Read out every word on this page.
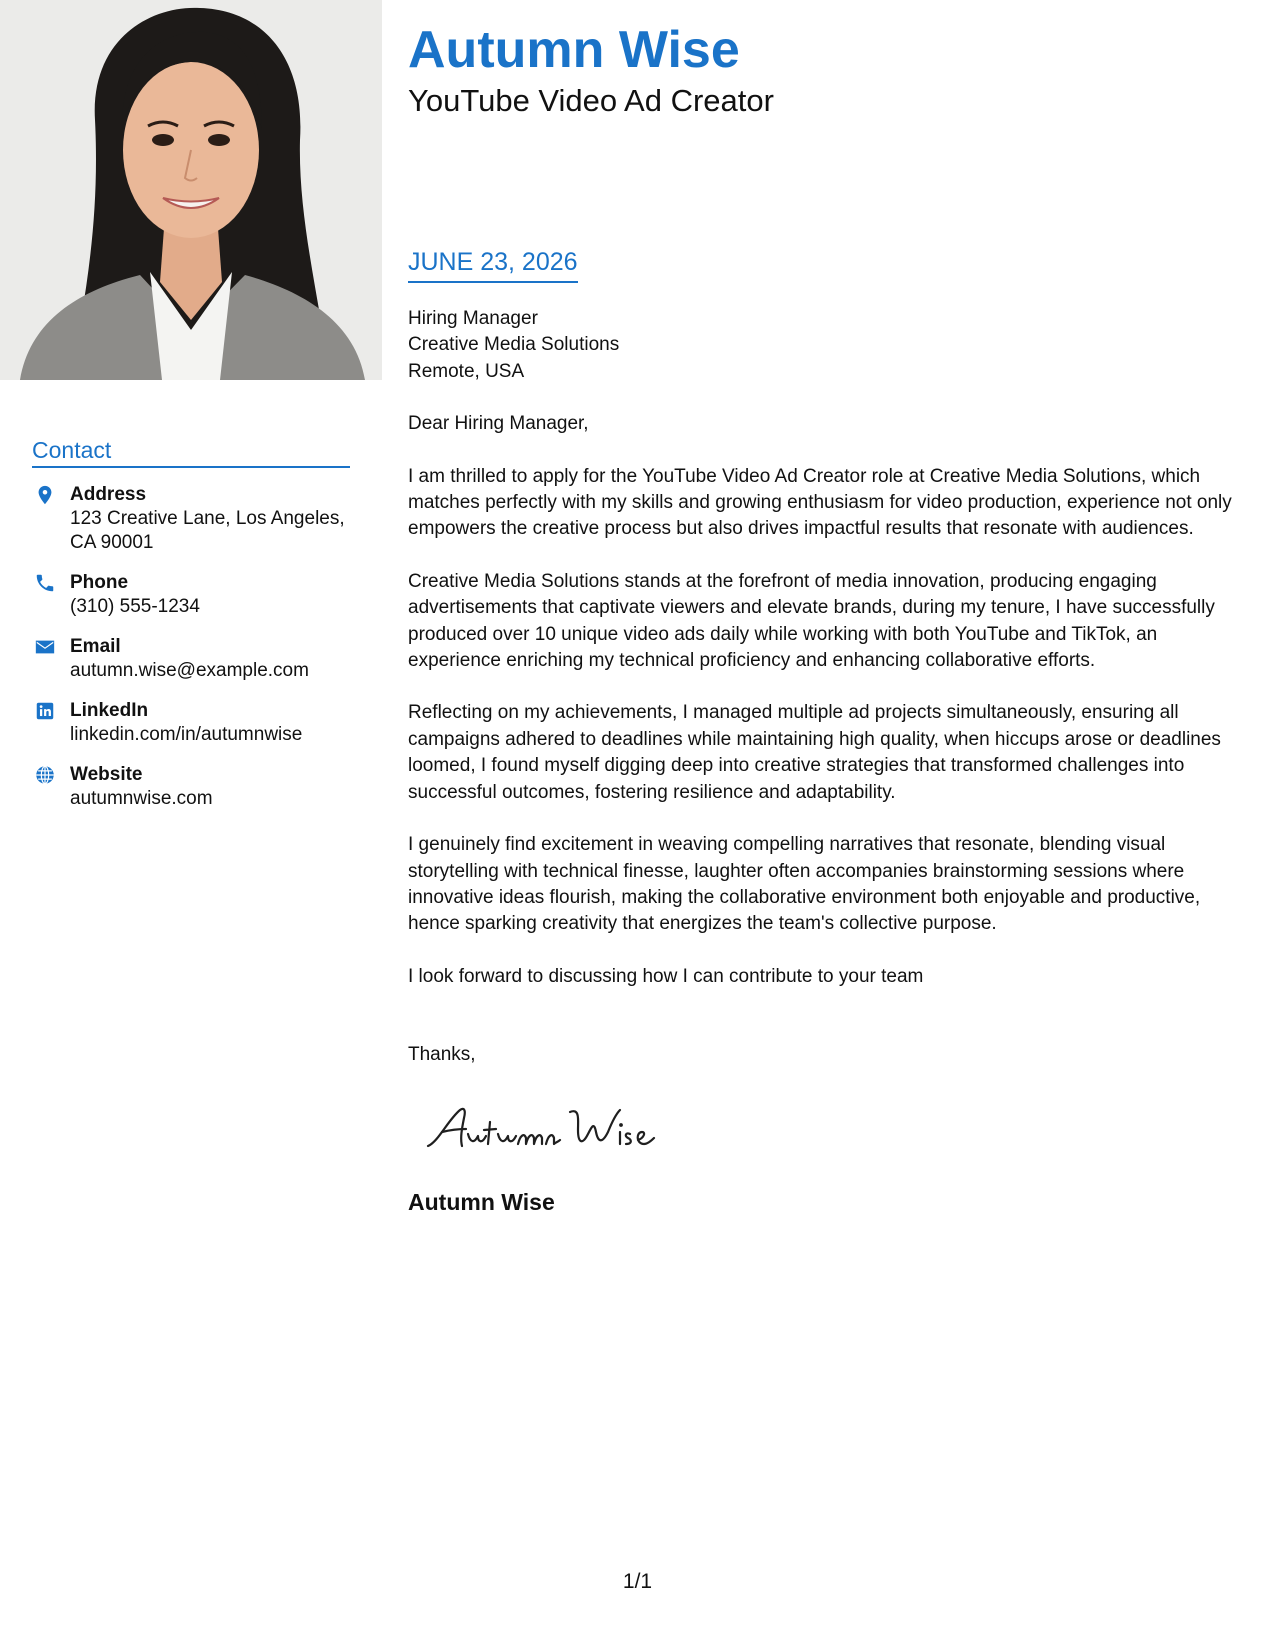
Autumn Wise
YouTube Video Ad Creator
Contact
Address
123 Creative Lane, Los Angeles,
CA 90001
Phone
(310) 555-1234
Email
autumn.wise@example.com
LinkedIn
linkedin.com/in/autumnwise
Website
autumnwise.com
JUNE 23, 2026

Hiring Manager
Creative Media Solutions
Remote, USA

Dear Hiring Manager,

I am thrilled to apply for the YouTube Video Ad Creator role at Creative Media Solutions, which matches perfectly with my skills and growing enthusiasm for video production, experience not only empowers the creative process but also drives impactful results that resonate with audiences.

Creative Media Solutions stands at the forefront of media innovation, producing engaging advertisements that captivate viewers and elevate brands, during my tenure, I have successfully produced over 10 unique video ads daily while working with both YouTube and TikTok, an experience enriching my technical proficiency and enhancing collaborative efforts.

Reflecting on my achievements, I managed multiple ad projects simultaneously, ensuring all campaigns adhered to deadlines while maintaining high quality, when hiccups arose or deadlines loomed, I found myself digging deep into creative strategies that transformed challenges into successful outcomes, fostering resilience and adaptability.

I genuinely find excitement in weaving compelling narratives that resonate, blending visual storytelling with technical finesse, laughter often accompanies brainstorming sessions where innovative ideas flourish, making the collaborative environment both enjoyable and productive, hence sparking creativity that energizes the team's collective purpose.

I look forward to discussing how I can contribute to your team

Thanks,

Autumn Wise
1/1
